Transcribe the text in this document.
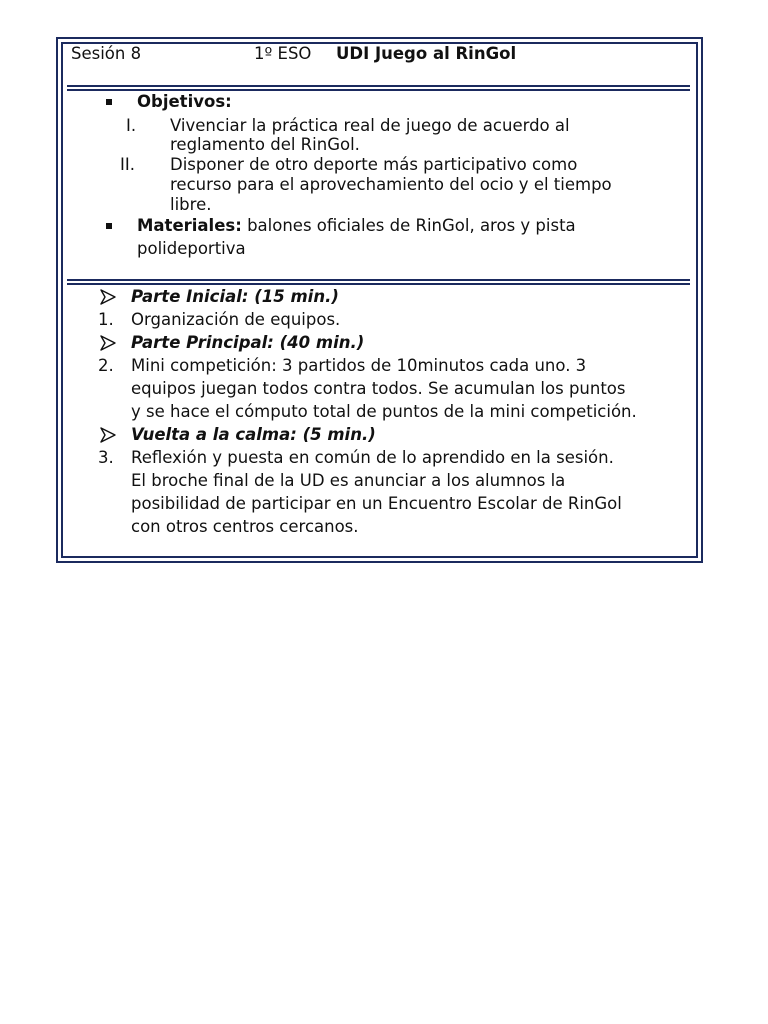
Sesión 8	1º ESO UDI Juego al RinGol
Objetivos:
I. Vivenciar la práctica real de juego de acuerdo al
reglamento del RinGol.
II. Disponer de otro deporte más participativo como
recurso para el aprovechamiento del ocio y el tiempo
libre.
Materiales: balones oficiales de RinGol, aros y pista
polideportiva
Parte Inicial: (15 min.)
1. Organización de equipos.
Parte Principal: (40 min.)
2. Mini competición: 3 partidos de 10minutos cada uno. 3
equipos juegan todos contra todos. Se acumulan los puntos
y se hace el cómputo total de puntos de la mini competición.
Vuelta a la calma: (5 min.)
3. Reflexión y puesta en común de lo aprendido en la sesión.
El broche final de la UD es anunciar a los alumnos la
posibilidad de participar en un Encuentro Escolar de RinGol
con otros centros cercanos.
